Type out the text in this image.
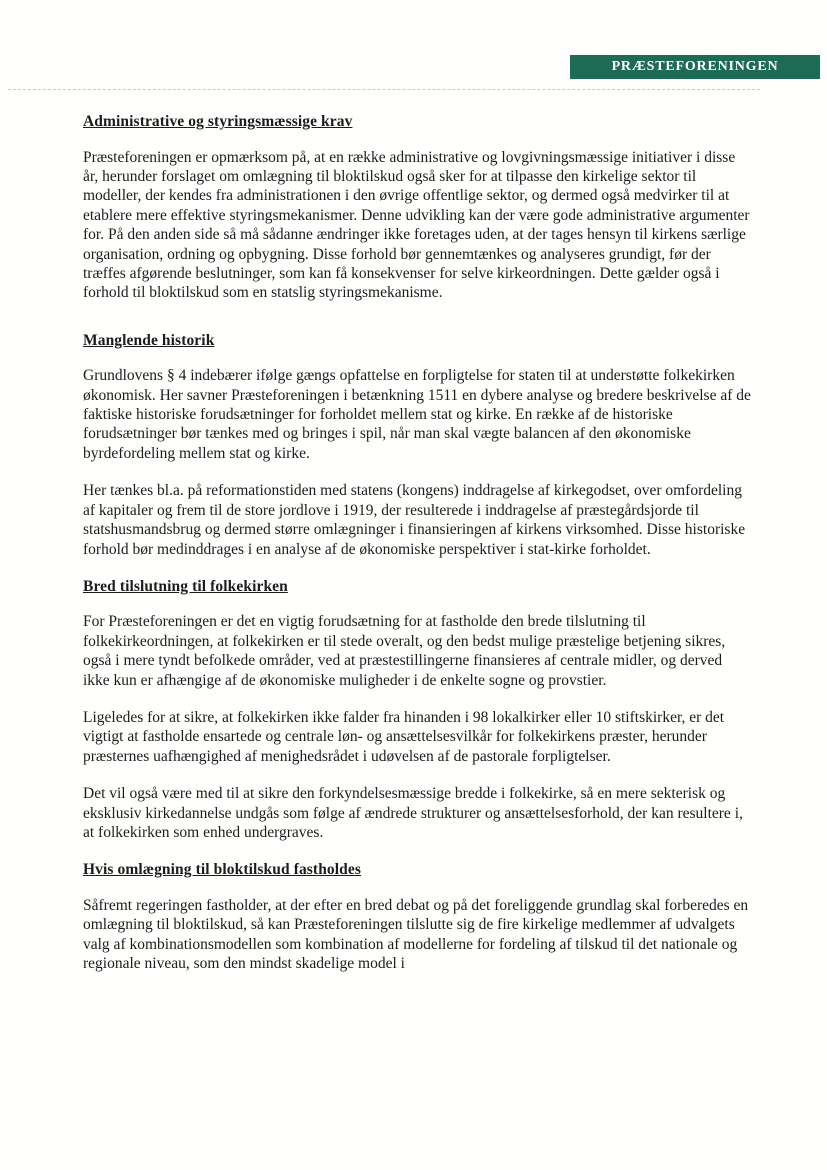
PRÆSTEFORENINGEN
Administrative og styringsmæssige krav

Præsteforeningen er opmærksom på, at en række administrative og lovgivningsmæssige initiativer i disse år, herunder forslaget om omlægning til bloktilskud også sker for at tilpasse den kirkelige sektor til modeller, der kendes fra administrationen i den øvrige offentlige sektor, og dermed også medvirker til at etablere mere effektive styringsmekanismer. Denne udvikling kan der være gode administrative argumenter for. På den anden side så må sådanne ændringer ikke foretages uden, at der tages hensyn til kirkens særlige organisation, ordning og opbygning. Disse forhold bør gennemtænkes og analyseres grundigt, før der træffes afgørende beslutninger, som kan få konsekvenser for selve kirkeordningen. Dette gælder også i forhold til bloktilskud som en statslig styringsmekanisme.

Manglende historik

Grundlovens § 4 indebærer ifølge gængs opfattelse en forpligtelse for staten til at understøtte folkekirken økonomisk. Her savner Præsteforeningen i betænkning 1511 en dybere analyse og bredere beskrivelse af de faktiske historiske forudsætninger for forholdet mellem stat og kirke. En række af de historiske forudsætninger bør tænkes med og bringes i spil, når man skal vægte balancen af den økonomiske byrdefordeling mellem stat og kirke.

Her tænkes bl.a. på reformationstiden med statens (kongens) inddragelse af kirkegodset, over omfordeling af kapitaler og frem til de store jordlove i 1919, der resulterede i inddragelse af præstegårdsjorde til statshusmandsbrug og dermed større omlægninger i finansieringen af kirkens virksomhed. Disse historiske forhold bør medinddrages i en analyse af de økonomiske perspektiver i stat-kirke forholdet.

Bred tilslutning til folkekirken

For Præsteforeningen er det en vigtig forudsætning for at fastholde den brede tilslutning til folkekirkeordningen, at folkekirken er til stede overalt, og den bedst mulige præstelige betjening sikres, også i mere tyndt befolkede områder, ved at præstestillingerne finansieres af centrale midler, og derved ikke kun er afhængige af de økonomiske muligheder i de enkelte sogne og provstier.

Ligeledes for at sikre, at folkekirken ikke falder fra hinanden i 98 lokalkirker eller 10 stiftskirker, er det vigtigt at fastholde ensartede og centrale løn- og ansættelsesvilkår for folkekirkens præster, herunder præsternes uafhængighed af menighedsrådet i udøvelsen af de pastorale forpligtelser.

Det vil også være med til at sikre den forkyndelsesmæssige bredde i folkekirke, så en mere sekterisk og eksklusiv kirkedannelse undgås som følge af ændrede strukturer og ansættelsesforhold, der kan resultere i, at folkekirken som enhed undergraves.

Hvis omlægning til bloktilskud fastholdes

Såfremt regeringen fastholder, at der efter en bred debat og på det foreliggende grundlag skal forberedes en omlægning til bloktilskud, så kan Præsteforeningen tilslutte sig de fire kirkelige medlemmer af udvalgets valg af kombinationsmodellen som kombination af modellerne for fordeling af tilskud til det nationale og regionale niveau, som den mindst skadelige model i
